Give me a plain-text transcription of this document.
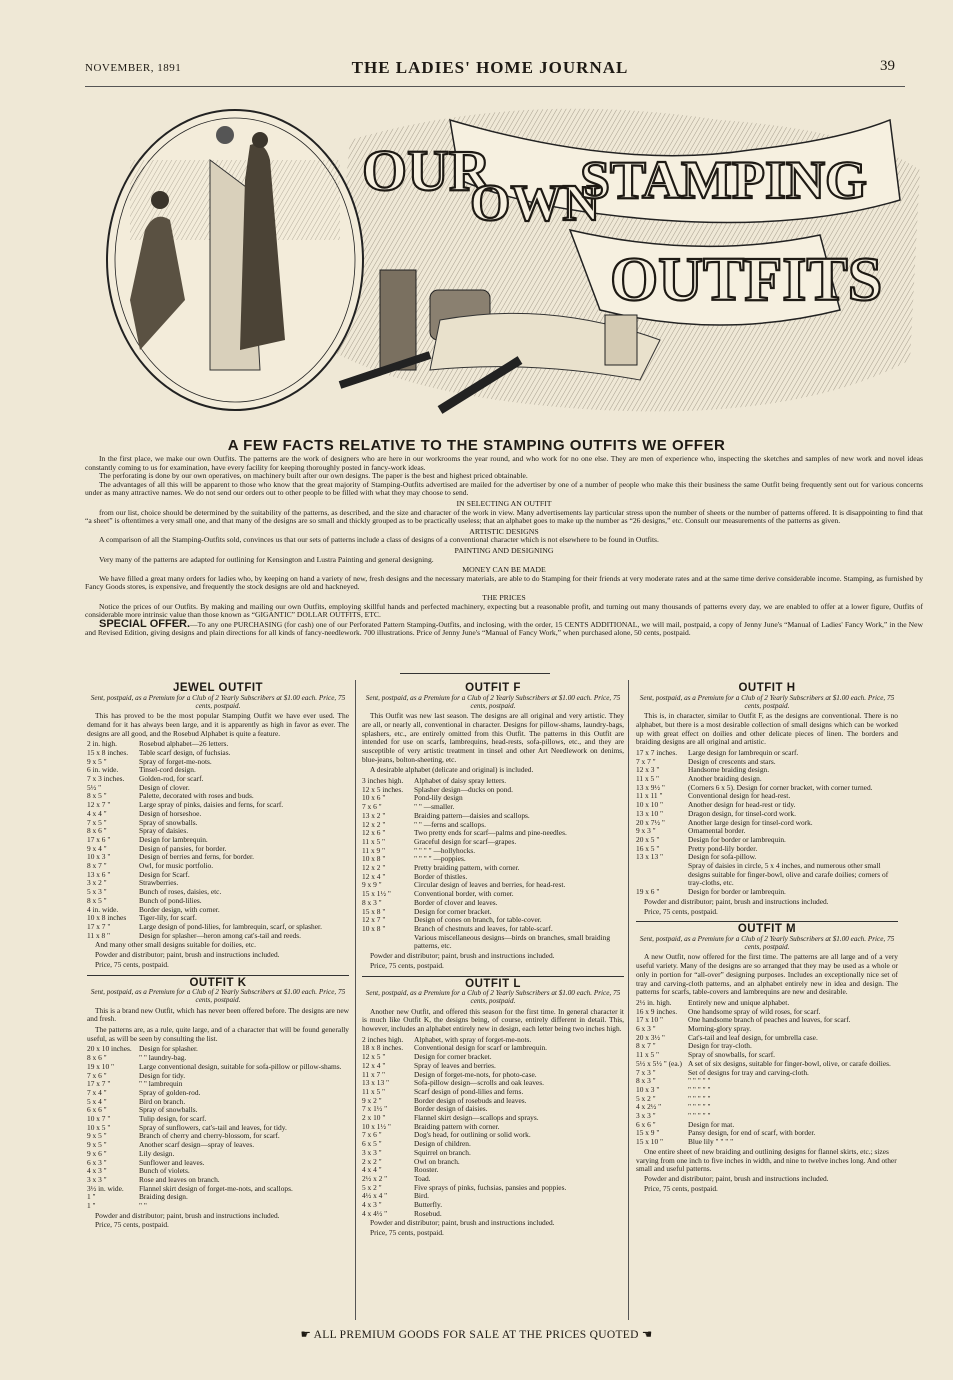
NOVEMBER, 1891	THE LADIES' HOME JOURNAL	39
OUR
OWN
STAMPING
OUTFITS
A FEW FACTS RELATIVE TO THE STAMPING OUTFITS WE OFFER

In the first place, we make our own Outfits. The patterns are the work of designers who are here in our workrooms the year round, and who work for no one else. They are men of experience who, inspecting the sketches and samples of new work and novel ideas constantly coming to us for examination, have every facility for keeping thoroughly posted in fancy-work ideas.

The perforating is done by our own operatives, on machinery built after our own designs. The paper is the best and highest priced obtainable.

The advantages of all this will be apparent to those who know that the great majority of Stamping-Outfits advertised are mailed for the advertiser by one of a number of people who make this their business the same Outfit being frequently sent out for various concerns under as many attractive names. We do not send our orders out to other people to be filled with what they may choose to send.

IN SELECTING AN OUTFIT

from our list, choice should be determined by the suitability of the patterns, as described, and the size and character of the work in view. Many advertisements lay particular stress upon the number of sheets or the number of patterns offered. It is disappointing to find that “a sheet” is oftentimes a very small one, and that many of the designs are so small and thickly grouped as to be practically useless; that an alphabet goes to make up the number as “26 designs,” etc. Consult our measurements of the patterns as given.

ARTISTIC DESIGNS

A comparison of all the Stamping-Outfits sold, convinces us that our sets of patterns include a class of designs of a conventional character which is not elsewhere to be found in Outfits.

PAINTING AND DESIGNING

Very many of the patterns are adapted for outlining for Kensington and Lustra Painting and general designing.

MONEY CAN BE MADE

We have filled a great many orders for ladies who, by keeping on hand a variety of new, fresh designs and the necessary materials, are able to do Stamping for their friends at very moderate rates and at the same time derive considerable income. Stamping, as furnished by Fancy Goods stores, is expensive, and frequently the stock designs are old and hackneyed.

THE PRICES

Notice the prices of our Outfits. By making and mailing our own Outfits, employing skillful hands and perfected machinery, expecting but a reasonable profit, and turning out many thousands of patterns every day, we are enabled to offer at a lower figure, Outfits of considerable more intrinsic value than those known as “GIGANTIC” DOLLAR OUTFITS, ETC.

SPECIAL OFFER.—To any one PURCHASING (for cash) one of our Perforated Pattern Stamping-Outfits, and inclosing, with the order, 15 CENTS ADDITIONAL, we will mail, postpaid, a copy of Jenny June's “Manual of Ladies' Fancy Work,” in the New and Revised Edition, giving designs and plain directions for all kinds of fancy-needlework. 700 illustrations. Price of Jenny June's “Manual of Fancy Work,” when purchased alone, 50 cents, postpaid.

JEWEL OUTFIT
Sent, postpaid, as a Premium for a Club of 2 Yearly Subscribers at $1.00 each. Price, 75 cents, postpaid.
This has proved to be the most popular Stamping Outfit we have ever used. The demand for it has always been large, and it is apparently as high in favor as ever. The designs are all good, and the Rosebud Alphabet is quite a feature.
2 in. high.	Rosebud alphabet—26 letters.
15 x 8 inches.	Table scarf design, of fuchsias.
9 x 5 "	Spray of forget-me-nots.
6 in. wide.	Tinsel-cord design.
7 x 3 inches.	Golden-rod, for scarf.
5½ "	Design of clover.
8 x 5 "	Palette, decorated with roses and buds.
12 x 7 "	Large spray of pinks, daisies and ferns, for scarf.
4 x 4 "	Design of horseshoe.
7 x 5 "	Spray of snowballs.
8 x 6 "	Spray of daisies.
17 x 6 "	Design for lambrequin.
9 x 4 "	Design of pansies, for border.
10 x 3 "	Design of berries and ferns, for border.
8 x 7 "	Owl, for music portfolio.
13 x 6 "	Design for Scarf.
3 x 2 "	Strawberries.
5 x 3 "	Bunch of roses, daisies, etc.
8 x 5 "	Bunch of pond-lilies.
4 in. wide.	Border design, with corner.
10 x 8 inches	Tiger-lily, for scarf.
17 x 7 "	Large design of pond-lilies, for lambrequin, scarf, or splasher.
11 x 8 "	Design for splasher—heron among cat's-tail and reeds.
And many other small designs suitable for doilies, etc.
Powder and distributor; paint, brush and instructions included.
Price, 75 cents, postpaid.
OUTFIT K
Sent, postpaid, as a Premium for a Club of 2 Yearly Subscribers at $1.00 each. Price, 75 cents, postpaid.
This is a brand new Outfit, which has never been offered before. The designs are new and fresh.
The patterns are, as a rule, quite large, and of a character that will be found generally useful, as will be seen by consulting the list.
20 x 10 inches. Design for splasher.
8 x 6 "	" " laundry-bag.
19 x 10 "	Large conventional design, suitable for sofa-pillow or pillow-shams.
7 x 6 "	Design for tidy.
17 x 7 "	" " lambrequin
7 x 4 "	Spray of golden-rod.
5 x 4 "	Bird on branch.
6 x 6 "	Spray of snowballs.
10 x 7 "	Tulip design, for scarf.
10 x 5 "	Spray of sunflowers, cat's-tail and leaves, for tidy.
9 x 5 "	Branch of cherry and cherry-blossom, for scarf.
9 x 5 "	Another scarf design—spray of leaves.
9 x 6 "	Lily design.
6 x 3 "	Sunflower and leaves.
4 x 3 "	Bunch of violets.
3 x 3 "	Rose and leaves on branch.
3½ in. wide.	Flannel skirt design of forget-me-nots, and scallops.
1 "	Braiding design.
1 "	" "
Powder and distributor; paint, brush and instructions included.
Price, 75 cents, postpaid.
OUTFIT F
Sent, postpaid, as a Premium for a Club of 2 Yearly Subscribers at $1.00 each. Price, 75 cents, postpaid.
This Outfit was new last season. The designs are all original and very artistic. They are all, or nearly all, conventional in character. Designs for pillow-shams, laundry-bags, splashers, etc., are entirely omitted from this Outfit. The patterns in this Outfit are intended for use on scarfs, lambrequins, head-rests, sofa-pillows, etc., and they are susceptible of very artistic treatment in tinsel and other Art Needlework on denims, blue-jeans, bolton-sheeting, etc.
A desirable alphabet (delicate and original) is included.
3 inches high.	Alphabet of daisy spray letters.
12 x 5 inches.	Splasher design—ducks on pond.
10 x 6 "	Pond-lily design
7 x 6 "	" " —smaller.
13 x 2 "	Braiding pattern—daisies and scallops.
12 x 2 "	" " —ferns and scallops.
12 x 6 "	Two pretty ends for scarf—palms and pine-needles.
11 x 5 "	Graceful design for scarf—grapes.
11 x 9 "	" " " " —hollyhocks.
10 x 8 "	" " " " —poppies.
12 x 2 "	Pretty braiding pattern, with corner.
12 x 4 "	Border of thistles.
9 x 9 "	Circular design of leaves and berries, for head-rest.
15 x 1½ "	Conventional border, with corner.
8 x 3 "	Border of clover and leaves.
15 x 8 "	Design for corner bracket.
12 x 7 "	Design of cones on branch, for table-cover.
10 x 8 "	Branch of chestnuts and leaves, for table-scarf.
Various miscellaneous designs—birds on branches, small braiding patterns, etc.
Powder and distributor; paint, brush and instructions included.
Price, 75 cents, postpaid.
OUTFIT L
Sent, postpaid, as a Premium for a Club of 2 Yearly Subscribers at $1.00 each. Price, 75 cents, postpaid.
Another new Outfit, and offered this season for the first time. In general character it is much like Outfit K, the designs being, of course, entirely different in detail. This, however, includes an alphabet entirely new in design, each letter being two inches high.
2 inches high.	Alphabet, with spray of forget-me-nots.
18 x 8 inches.	Conventional design for scarf or lambrequin.
12 x 5 "	Design for corner bracket.
12 x 4 "	Spray of leaves and berries.
11 x 7 "	Design of forget-me-nots, for photo-case.
13 x 13 "	Sofa-pillow design—scrolls and oak leaves.
11 x 5 "	Scarf design of pond-lilies and ferns.
9 x 2 "	Border design of rosebuds and leaves.
7 x 1½ "	Border design of daisies.
2 x 10 "	Flannel skirt design—scallops and sprays.
10 x 1½ "	Braiding pattern with corner.
7 x 6 "	Dog's head, for outlining or solid work.
6 x 5 "	Design of children.
3 x 3 "	Squirrel on branch.
2 x 2 "	Owl on branch.
4 x 4 "	Rooster.
2½ x 2 "	Toad.
5 x 2 "	Five sprays of pinks, fuchsias, pansies and poppies.
4½ x 4 "	Bird.
4 x 3 "	Butterfly.
4 x 4½ "	Rosebud.
Powder and distributor; paint, brush and instructions included.
Price, 75 cents, postpaid.
OUTFIT H
Sent, postpaid, as a Premium for a Club of 2 Yearly Subscribers at $1.00 each. Price, 75 cents, postpaid.
This is, in character, similar to Outfit F, as the designs are conventional. There is no alphabet, but there is a most desirable collection of small designs which can be worked up with great effect on doilies and other delicate pieces of linen. The borders and braiding designs are all original and artistic.
17 x 7 inches.	Large design for lambrequin or scarf.
7 x 7 "	Design of crescents and stars.
12 x 3 "	Handsome braiding design.
11 x 5 "	Another braiding design.
13 x 9½ "	(Corners 6 x 5). Design for corner bracket, with corner turned.
11 x 11 "	Conventional design for head-rest.
10 x 10 "	Another design for head-rest or tidy.
13 x 10 "	Dragon design, for tinsel-cord work.
20 x 7½ "	Another large design for tinsel-cord work.
9 x 3 "	Ornamental border.
20 x 5 "	Design for border or lambrequin.
16 x 5 "	Pretty pond-lily border.
13 x 13 "	Design for sofa-pillow.
Spray of daisies in circle, 5 x 4 inches, and numerous other small designs suitable for finger-bowl, olive and carafe doilies; corners of tray-cloths, etc.
19 x 6 "	Design for border or lambrequin.
Powder and distributor; paint, brush and instructions included.
Price, 75 cents, postpaid.
OUTFIT M
Sent, postpaid, as a Premium for a Club of 2 Yearly Subscribers at $1.00 each. Price, 75 cents, postpaid.
A new Outfit, now offered for the first time. The patterns are all large and of a very useful variety. Many of the designs are so arranged that they may be used as a whole or only in portion for “all-over” designing purposes. Includes an exceptionally nice set of tray and carving-cloth patterns, and an alphabet entirely new in idea and design. The patterns for scarfs, table-covers and lambrequins are new and desirable.
2½ in. high.	Entirely new and unique alphabet.
16 x 9 inches.	One handsome spray of wild roses, for scarf.
17 x 10 "	One handsome branch of peaches and leaves, for scarf.
6 x 3 "	Morning-glory spray.
20 x 3½ "	Cat's-tail and leaf design, for umbrella case.
8 x 7 "	Design for tray-cloth.
11 x 5 "	Spray of snowballs, for scarf.
5½ x 5½ " (ea.) A set of six designs, suitable for finger-bowl, olive, or carafe doilies.
7 x 3 "	Set of designs for tray and carving-cloth.
8 x 3 "	" " " " "
10 x 3 "	" " " " "
5 x 2 "	" " " " "
4 x 2½ "	" " " " "
3 x 3 "	" " " " "
6 x 6 "	Design for mat.
15 x 9 "	Pansy design, for end of scarf, with border.
15 x 10 "	Blue lily " " " "
One entire sheet of new braiding and outlining designs for flannel skirts, etc.; sizes varying from one inch to five inches in width, and nine to twelve inches long. And other small and useful patterns.
Powder and distributor; paint, brush and instructions included.
Price, 75 cents, postpaid.
☛ ALL PREMIUM GOODS FOR SALE AT THE PRICES QUOTED ☚
